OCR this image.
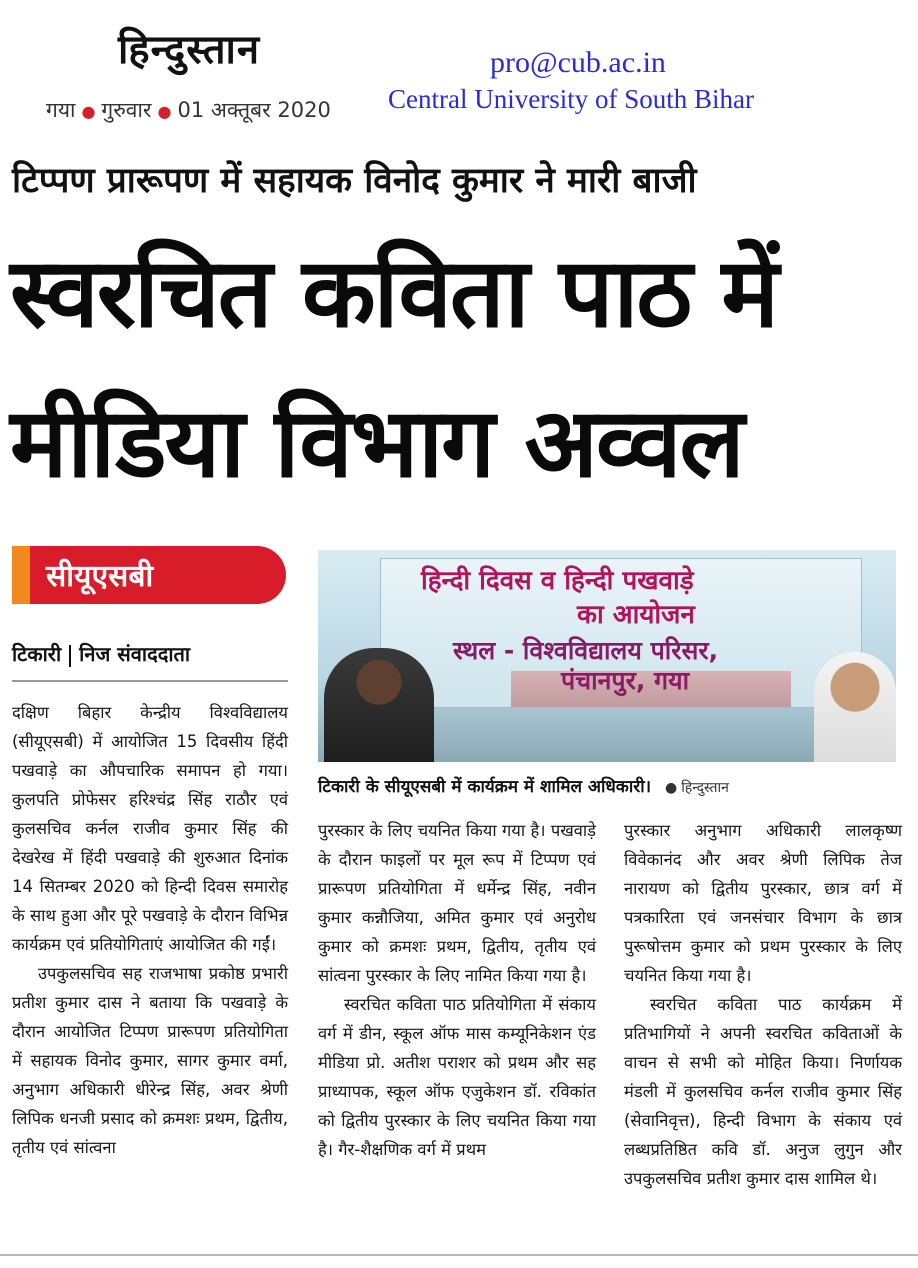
हिन्दुस्तान
गया ● गुरुवार ● 01 अक्तूबर 2020
pro@cub.ac.in
Central University of South Bihar
टिप्पण प्रारूपण में सहायक विनोद कुमार ने मारी बाजी
स्वरचित कविता पाठ में
मीडिया विभाग अव्वल
सीयूएसबी
टिकारी निज संवाददाता
हिन्दी दिवस व हिन्दी पखवाड़े
का आयोजन
स्थल - विश्वविद्यालय परिसर,
पंचानपुर, गया
टिकारी के सीयूएसबी में कार्यक्रम में शामिल अधिकारी। ● हिन्दुस्तान

दक्षिण बिहार केन्द्रीय विश्वविद्यालय (सीयूएसबी) में आयोजित 15 दिवसीय हिंदी पखवाड़े का औपचारिक समापन हो गया। कुलपति प्रोफेसर हरिश्चंद्र सिंह राठौर एवं कुलसचिव कर्नल राजीव कुमार सिंह की देखरेख में हिंदी पखवाड़े की शुरुआत दिनांक 14 सितम्बर 2020 को हिन्दी दिवस समारोह के साथ हुआ और पूरे पखवाड़े के दौरान विभिन्न कार्यक्रम एवं प्रतियोगिताएं आयोजित की गईं।

उपकुलसचिव सह राजभाषा प्रकोष्ठ प्रभारी प्रतीश कुमार दास ने बताया कि पखवाड़े के दौरान आयोजित टिप्पण प्रारूपण प्रतियोगिता में सहायक विनोद कुमार, सागर कुमार वर्मा, अनुभाग अधिकारी धीरेन्द्र सिंह, अवर श्रेणी लिपिक धनजी प्रसाद को क्रमशः प्रथम, द्वितीय, तृतीय एवं सांत्वना

पुरस्कार के लिए चयनित किया गया है। पखवाड़े के दौरान फाइलों पर मूल रूप में टिप्पण एवं प्रारूपण प्रतियोगिता में धर्मेन्द्र सिंह, नवीन कुमार कन्नौजिया, अमित कुमार एवं अनुरोध कुमार को क्रमशः प्रथम, द्वितीय, तृतीय एवं सांत्वना पुरस्कार के लिए नामित किया गया है।

स्वरचित कविता पाठ प्रतियोगिता में संकाय वर्ग में डीन, स्कूल ऑफ मास कम्यूनिकेशन एंड मीडिया प्रो. अतीश पराशर को प्रथम और सह प्राध्यापक, स्कूल ऑफ एजुकेशन डॉ. रविकांत को द्वितीय पुरस्कार के लिए चयनित किया गया है। गैर-शैक्षणिक वर्ग में प्रथम

पुरस्कार अनुभाग अधिकारी लालकृष्ण विवेकानंद और अवर श्रेणी लिपिक तेज नारायण को द्वितीय पुरस्कार, छात्र वर्ग में पत्रकारिता एवं जनसंचार विभाग के छात्र पुरूषोत्तम कुमार को प्रथम पुरस्कार के लिए चयनित किया गया है।

स्वरचित कविता पाठ कार्यक्रम में प्रतिभागियों ने अपनी स्वरचित कविताओं के वाचन से सभी को मोहित किया। निर्णायक मंडली में कुलसचिव कर्नल राजीव कुमार सिंह (सेवानिवृत्त), हिन्दी विभाग के संकाय एवं लब्धप्रतिष्ठित कवि डॉ. अनुज लुगुन और उपकुलसचिव प्रतीश कुमार दास शामिल थे।
